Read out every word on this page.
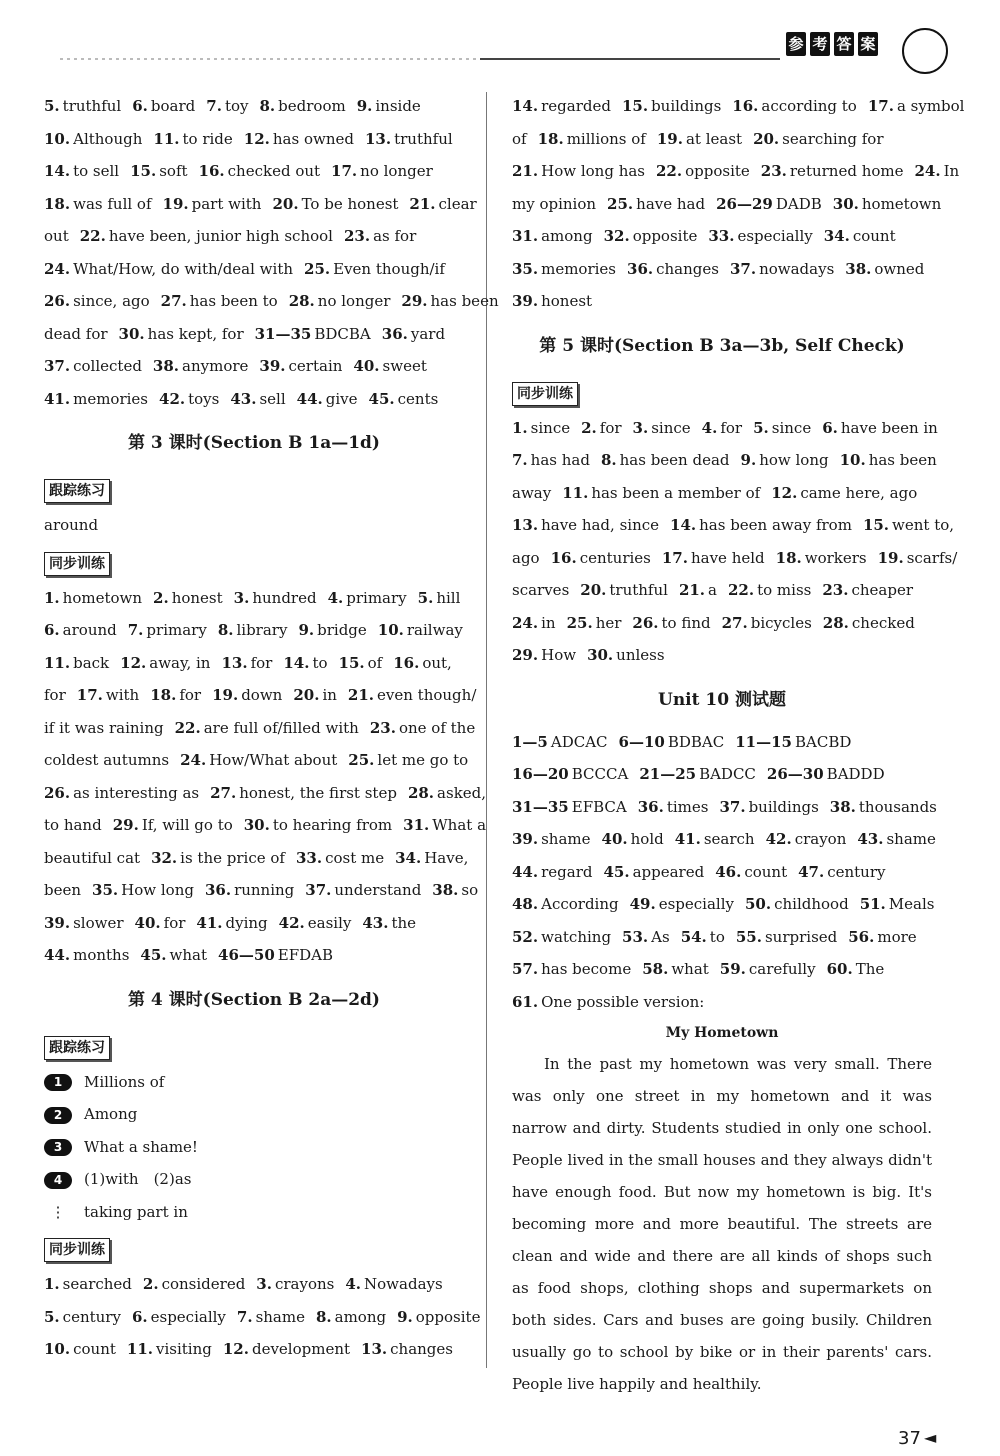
参 考 答 案
5. truthful 6. board 7. toy 8. bedroom 9. inside
10. Although 11. to ride 12. has owned 13. truthful
14. to sell 15. soft 16. checked out 17. no longer
18. was full of 19. part with 20. To be honest 21. clear
out 22. have been, junior high school 23. as for
24. What/How, do with/deal with 25. Even though/if
26. since, ago 27. has been to 28. no longer 29. has been
dead for 30. has kept, for 31—35 BDCBA 36. yard
37. collected 38. anymore 39. certain 40. sweet
41. memories 42. toys 43. sell 44. give 45. cents
第 3 课时(Section B 1a—1d)
跟踪练习
around
同步训练
1. hometown 2. honest 3. hundred 4. primary 5. hill
6. around 7. primary 8. library 9. bridge 10. railway
11. back 12. away, in 13. for 14. to 15. of 16. out,
for 17. with 18. for 19. down 20. in 21. even though/
if it was raining 22. are full of/filled with 23. one of the
coldest autumns 24. How/What about 25. let me go to
26. as interesting as 27. honest, the first step 28. asked,
to hand 29. If, will go to 30. to hearing from 31. What a
beautiful cat 32. is the price of 33. cost me 34. Have,
been 35. How long 36. running 37. understand 38. so
39. slower 40. for 41. dying 42. easily 43. the
44. months 45. what 46—50 EFDAB
第 4 课时(Section B 2a—2d)
跟踪练习
1 Millions of
2 Among
3 What a shame!
4 (1)with　(2)as
⋮ taking part in
同步训练
1. searched 2. considered 3. crayons 4. Nowadays
5. century 6. especially 7. shame 8. among 9. opposite
10. count 11. visiting 12. development 13. changes
14. regarded 15. buildings 16. according to 17. a symbol
of 18. millions of 19. at least 20. searching for
21. How long has 22. opposite 23. returned home 24. In
my opinion 25. have had 26—29 DADB 30. hometown
31. among 32. opposite 33. especially 34. count
35. memories 36. changes 37. nowadays 38. owned
39. honest
第 5 课时(Section B 3a—3b, Self Check)
同步训练
1. since 2. for 3. since 4. for 5. since 6. have been in
7. has had 8. has been dead 9. how long 10. has been
away 11. has been a member of 12. came here, ago
13. have had, since 14. has been away from 15. went to,
ago 16. centuries 17. have held 18. workers 19. scarfs/
scarves 20. truthful 21. a 22. to miss 23. cheaper
24. in 25. her 26. to find 27. bicycles 28. checked
29. How 30. unless
Unit 10 测试题
1—5 ADCAC 6—10 BDBAC 11—15 BACBD
16—20 BCCCA 21—25 BADCC 26—30 BADDD
31—35 EFBCA 36. times 37. buildings 38. thousands
39. shame 40. hold 41. search 42. crayon 43. shame
44. regard 45. appeared 46. count 47. century
48. According 49. especially 50. childhood 51. Meals
52. watching 53. As 54. to 55. surprised 56. more
57. has become 58. what 59. carefully 60. The
61. One possible version:
My Hometown
In the past my hometown was very small. There was only one street in my hometown and it was narrow and dirty. Students studied in only one school. People lived in the small houses and they always didn't have enough food. But now my hometown is big. It's becoming more and more beautiful. The streets are clean and wide and there are all kinds of shops such as food shops, clothing shops and supermarkets on both sides. Cars and buses are going busily. Children usually go to school by bike or in their parents' cars. People live happily and healthily.
37 ◄
